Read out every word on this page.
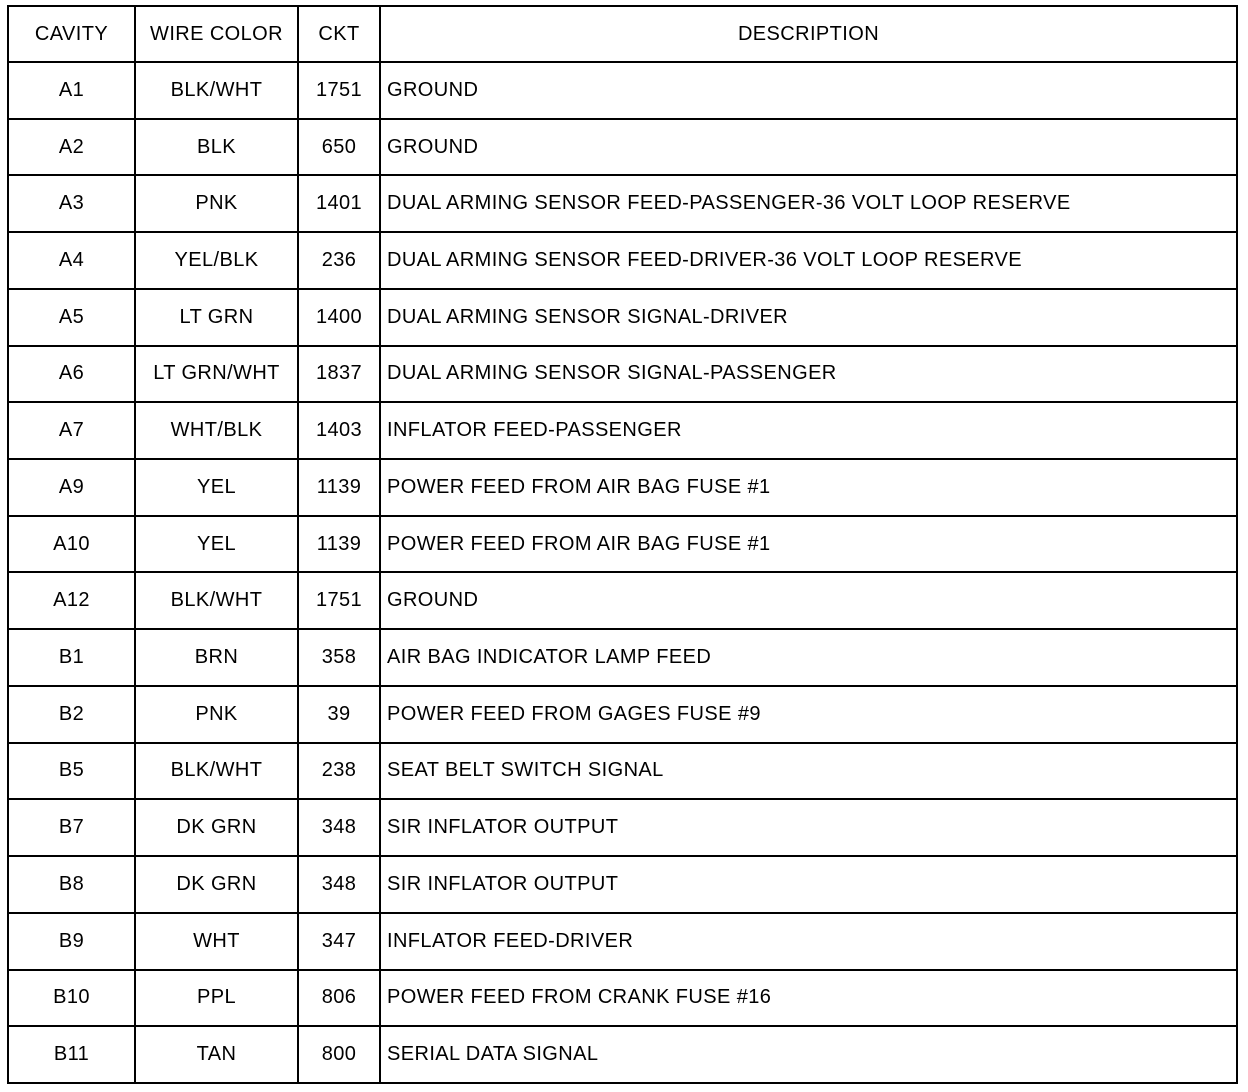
CAVITY	WIRE COLOR	CKT	DESCRIPTION
A1	BLK/WHT	1751	GROUND
A2	BLK	650	GROUND
A3	PNK	1401	DUAL ARMING SENSOR FEED-PASSENGER-36 VOLT LOOP RESERVE
A4	YEL/BLK	236	DUAL ARMING SENSOR FEED-DRIVER-36 VOLT LOOP RESERVE
A5	LT GRN	1400	DUAL ARMING SENSOR SIGNAL-DRIVER
A6	LT GRN/WHT	1837	DUAL ARMING SENSOR SIGNAL-PASSENGER
A7	WHT/BLK	1403	INFLATOR FEED-PASSENGER
A9	YEL	1139	POWER FEED FROM AIR BAG FUSE #1
A10	YEL	1139	POWER FEED FROM AIR BAG FUSE #1
A12	BLK/WHT	1751	GROUND
B1	BRN	358	AIR BAG INDICATOR LAMP FEED
B2	PNK	39	POWER FEED FROM GAGES FUSE #9
B5	BLK/WHT	238	SEAT BELT SWITCH SIGNAL
B7	DK GRN	348	SIR INFLATOR OUTPUT
B8	DK GRN	348	SIR INFLATOR OUTPUT
B9	WHT	347	INFLATOR FEED-DRIVER
B10	PPL	806	POWER FEED FROM CRANK FUSE #16
B11	TAN	800	SERIAL DATA SIGNAL
